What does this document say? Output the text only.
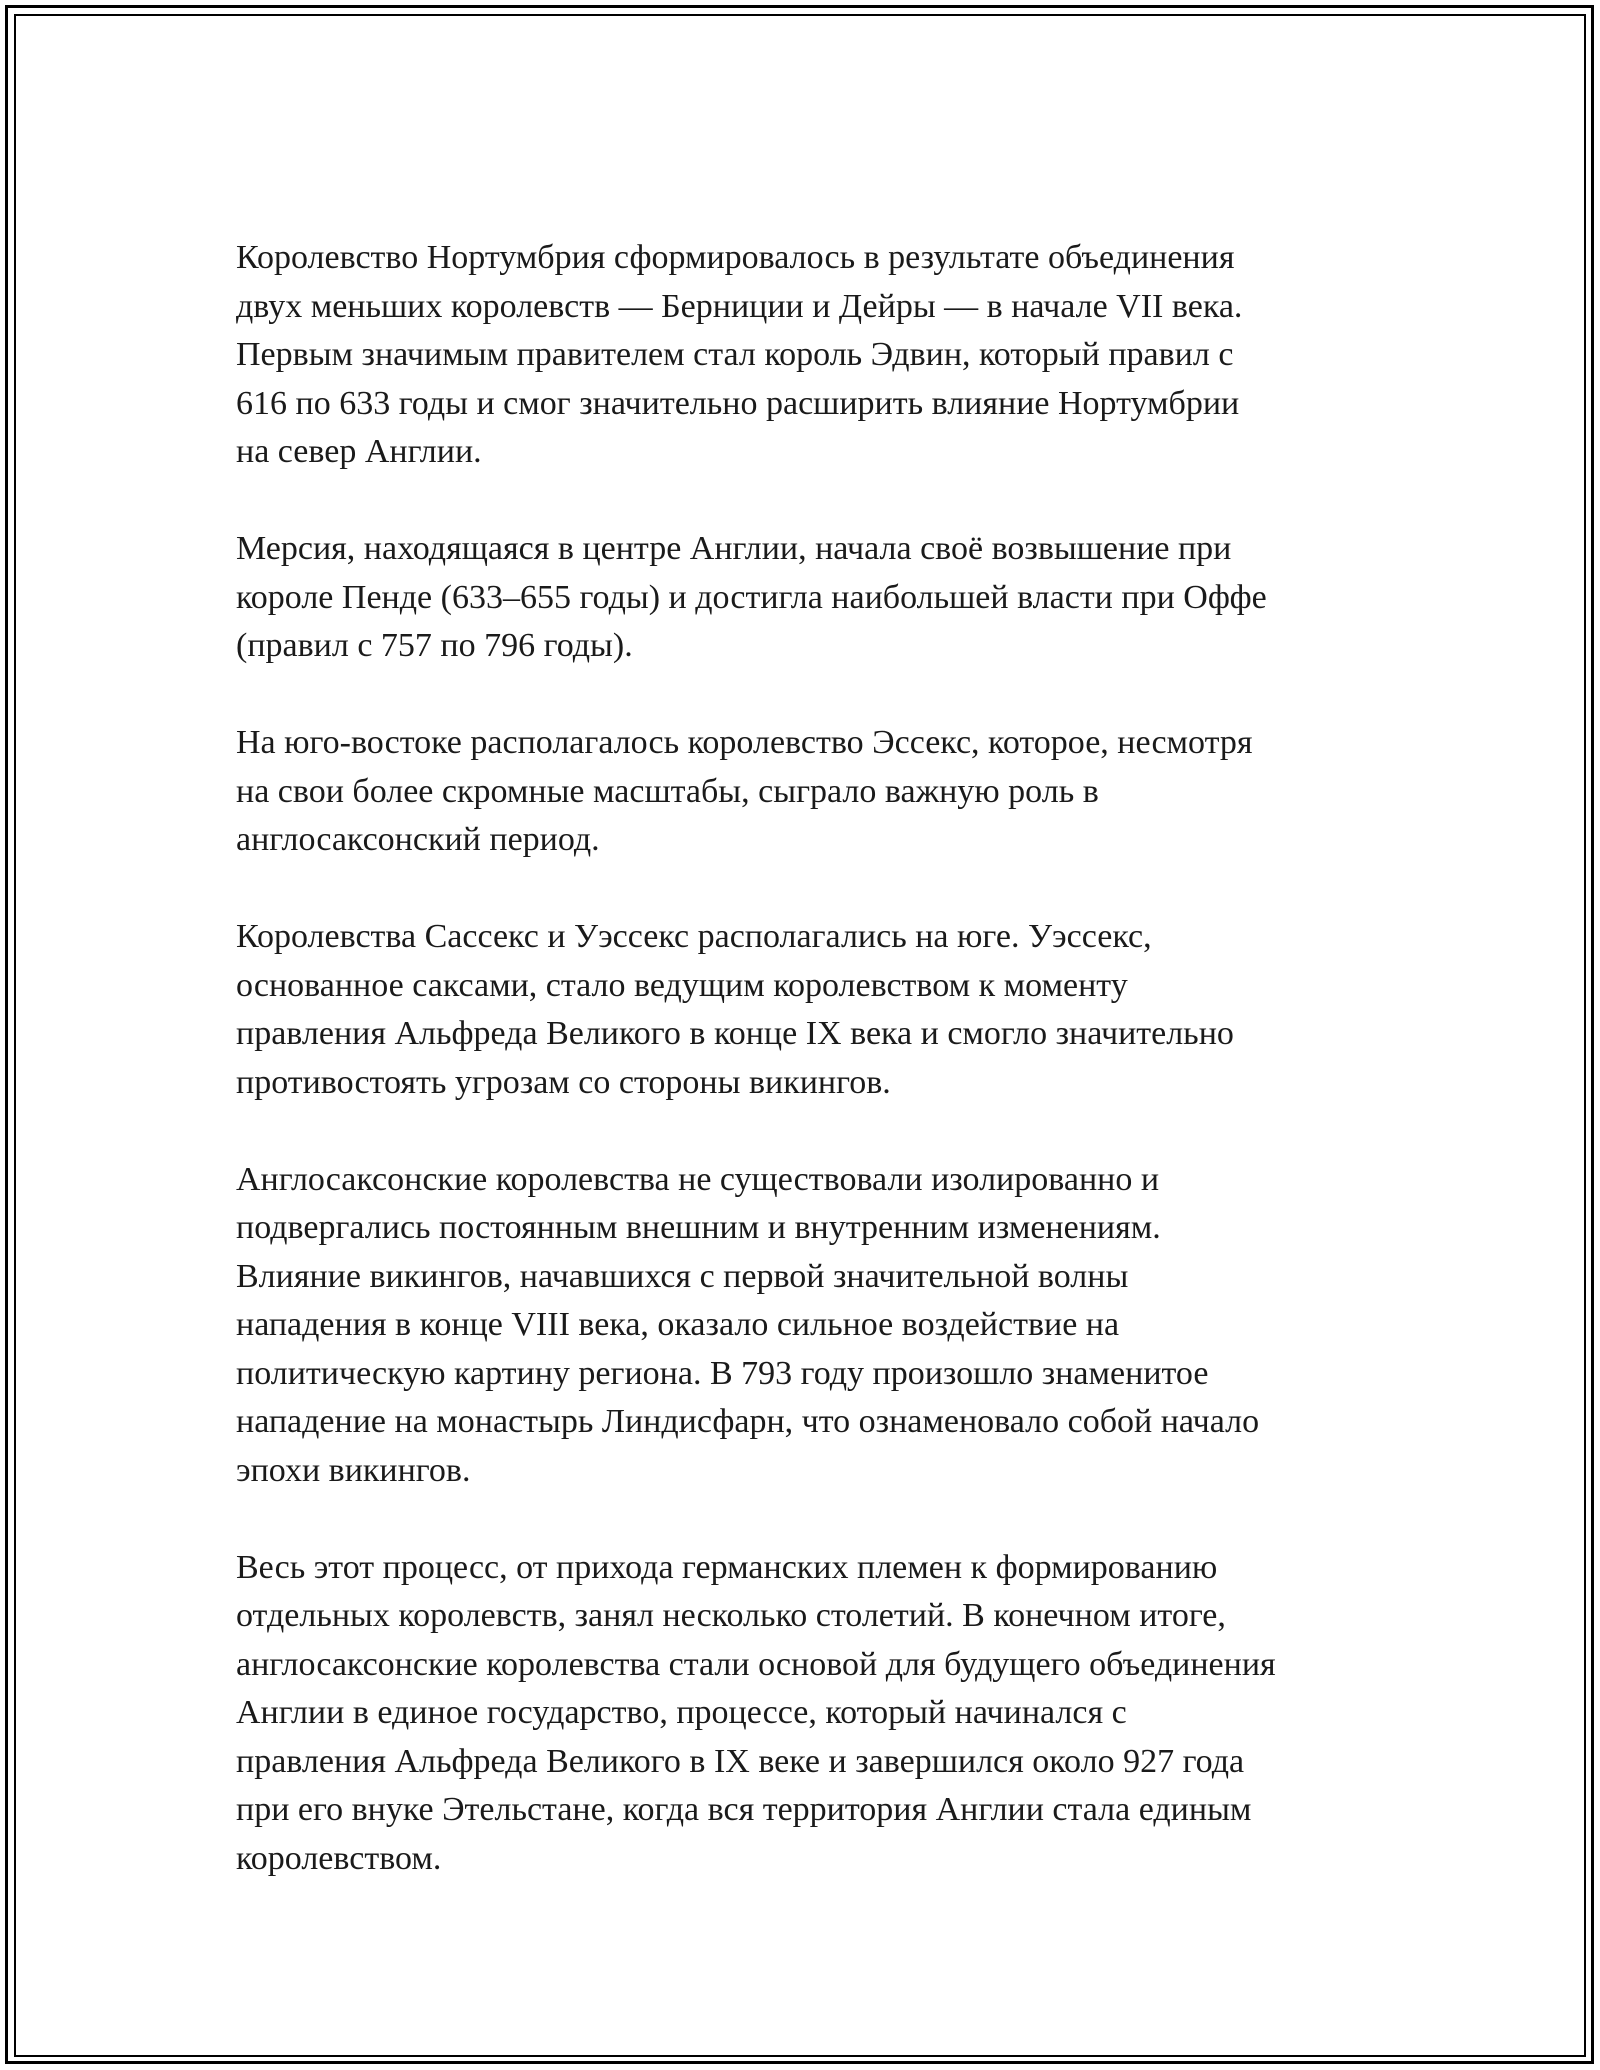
Королевство Нортумбрия сформировалось в результате объединения
двух меньших королевств — Берниции и Дейры — в начале VII века.
Первым значимым правителем стал король Эдвин, который правил с
616 по 633 годы и смог значительно расширить влияние Нортумбрии
на север Англии.

Мерсия, находящаяся в центре Англии, начала своё возвышение при
короле Пенде (633–655 годы) и достигла наибольшей власти при Оффе
(правил с 757 по 796 годы).

На юго-востоке располагалось королевство Эссекс, которое, несмотря
на свои более скромные масштабы, сыграло важную роль в
англосаксонский период.

Королевства Сассекс и Уэссекс располагались на юге. Уэссекс,
основанное саксами, стало ведущим королевством к моменту
правления Альфреда Великого в конце IX века и смогло значительно
противостоять угрозам со стороны викингов.

Англосаксонские королевства не существовали изолированно и
подвергались постоянным внешним и внутренним изменениям.
Влияние викингов, начавшихся с первой значительной волны
нападения в конце VIII века, оказало сильное воздействие на
политическую картину региона. В 793 году произошло знаменитое
нападение на монастырь Линдисфарн, что ознаменовало собой начало
эпохи викингов.

Весь этот процесс, от прихода германских племен к формированию
отдельных королевств, занял несколько столетий. В конечном итоге,
англосаксонские королевства стали основой для будущего объединения
Англии в единое государство, процессе, который начинался с
правления Альфреда Великого в IX веке и завершился около 927 года
при его внуке Этельстане, когда вся территория Англии стала единым
королевством.
